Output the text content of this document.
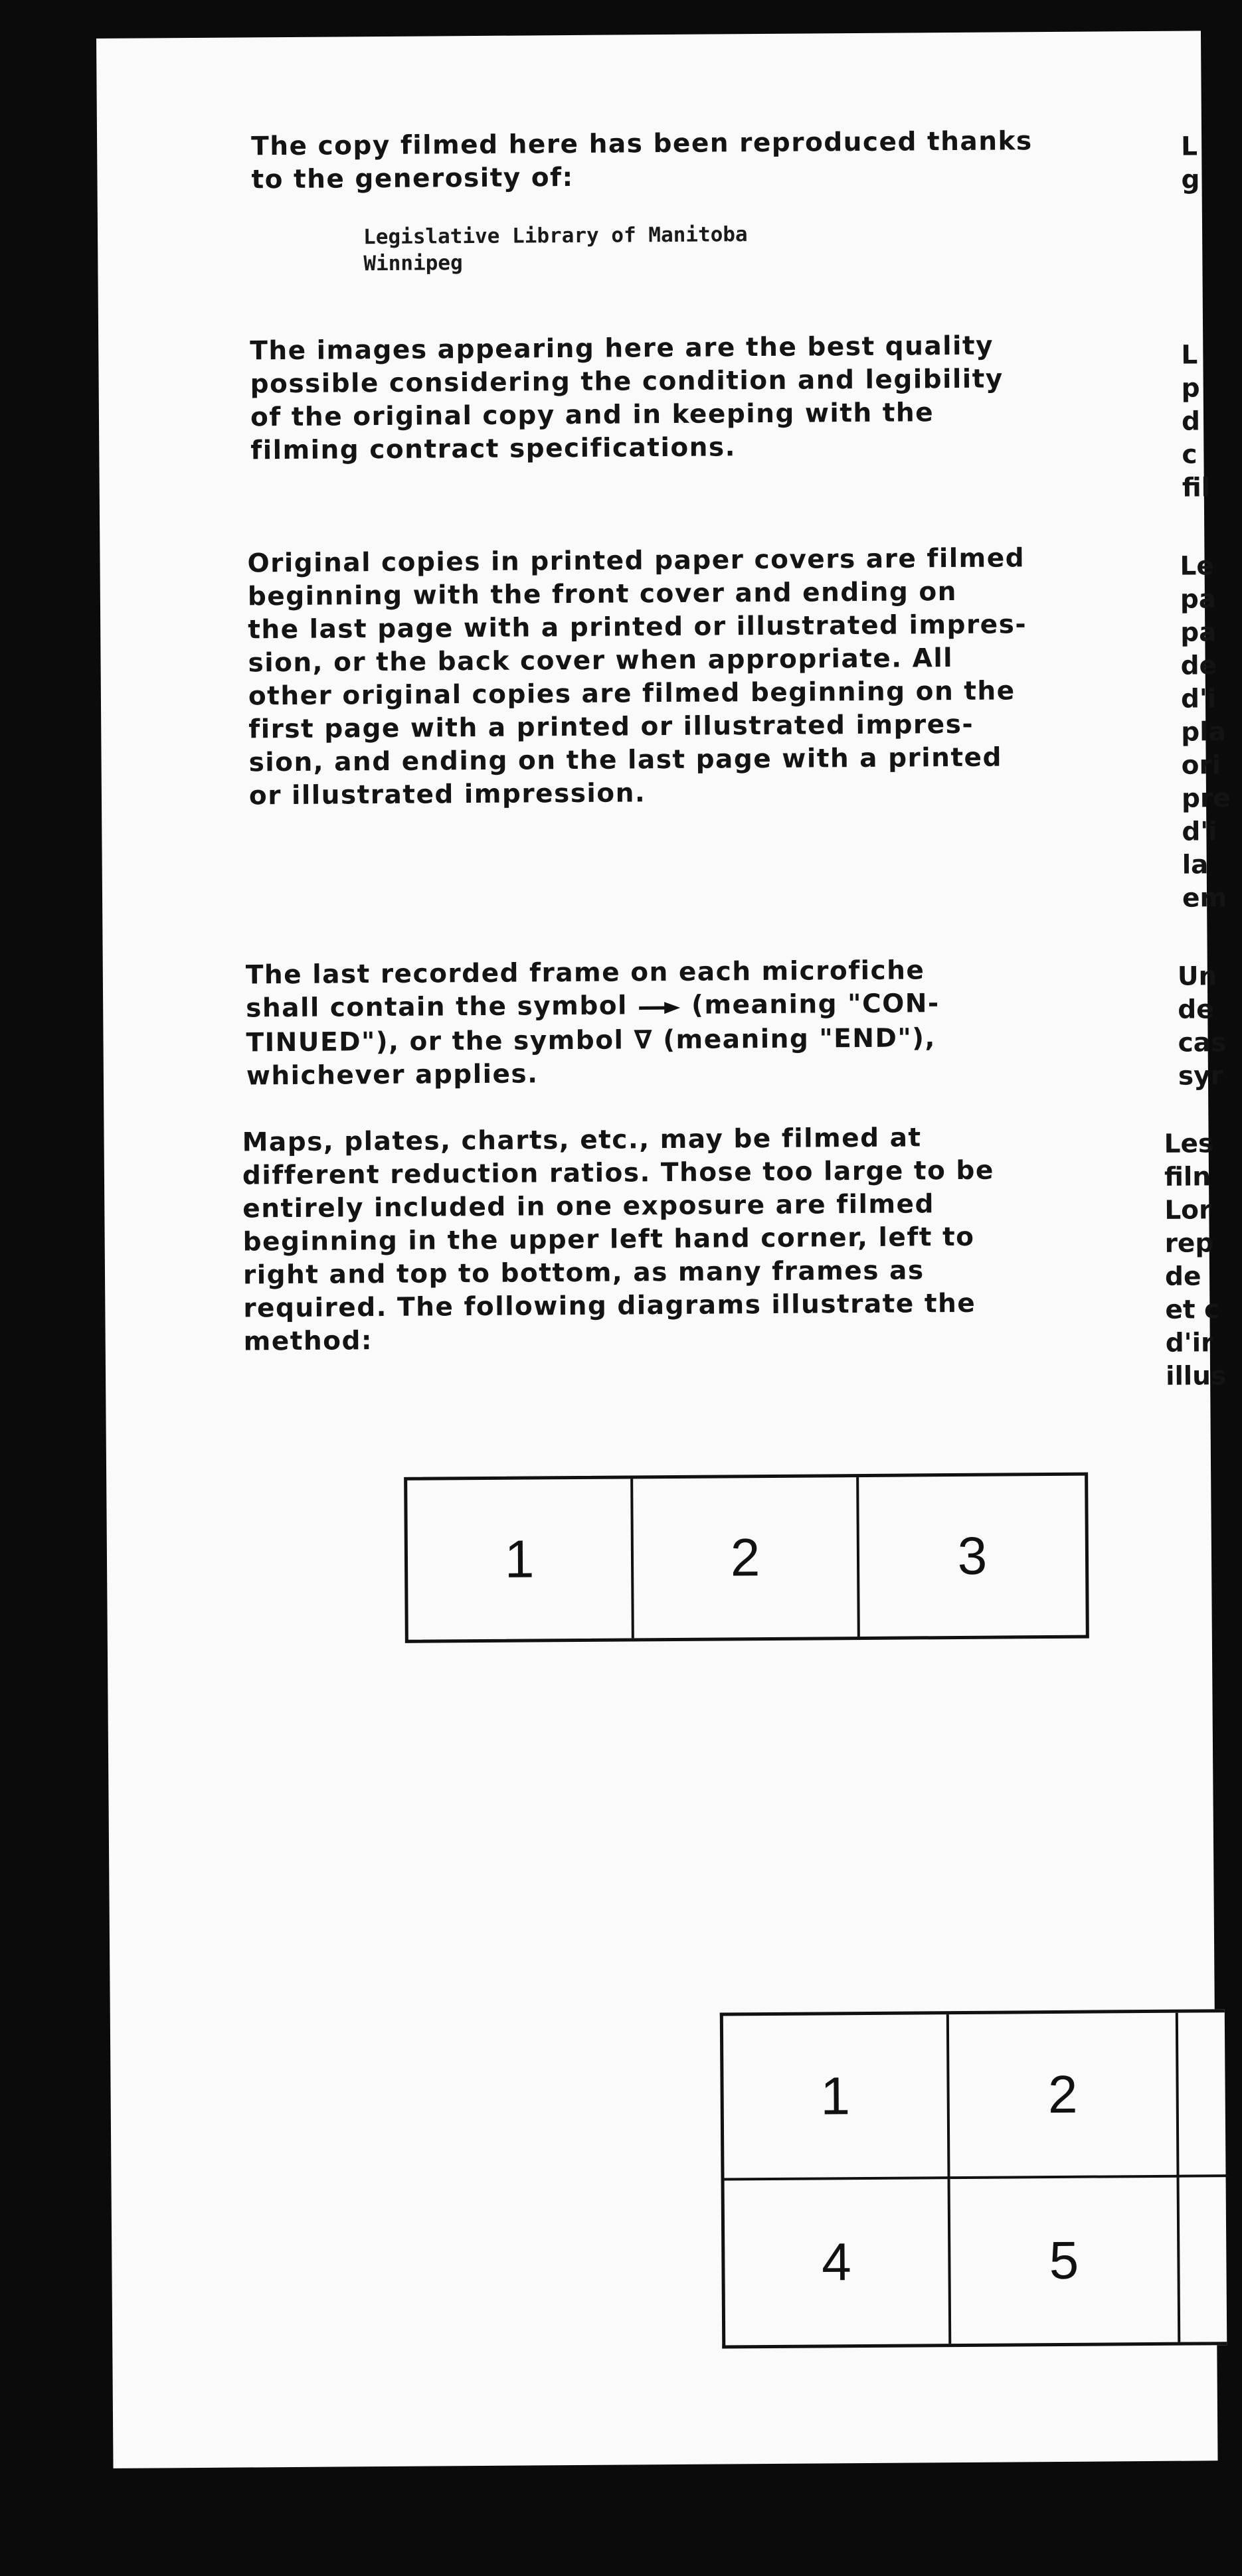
The copy filmed here has been reproduced thanks
to the generosity of:

Legislative Library of Manitoba
Winnipeg

The images appearing here are the best quality
possible considering the condition and legibility
of the original copy and in keeping with the
filming contract specifications.

Original copies in printed paper covers are filmed
beginning with the front cover and ending on
the last page with a printed or illustrated impres-
sion, or the back cover when appropriate. All
other original copies are filmed beginning on the
first page with a printed or illustrated impres-
sion, and ending on the last page with a printed
or illustrated impression.

The last recorded frame on each microfiche
shall contain the symbol  (meaning "CON-
TINUED"), or the symbol ∇ (meaning "END"),
whichever applies.

Maps, plates, charts, etc., may be filmed at
different reduction ratios. Those too large to be
entirely included in one exposure are filmed
beginning in the upper left hand corner, left to
right and top to bottom, as many frames as
required. The following diagrams illustrate the
method:

L
g
L
p
d
c
fil
Le
pa
pa
de
d'i
pla
ori
pre
d'i
la
em
Un
de
cas
syr
Les
filn
Lor
rep
de
et c
d'ir
illus
1	2	3
1	2
4	5
